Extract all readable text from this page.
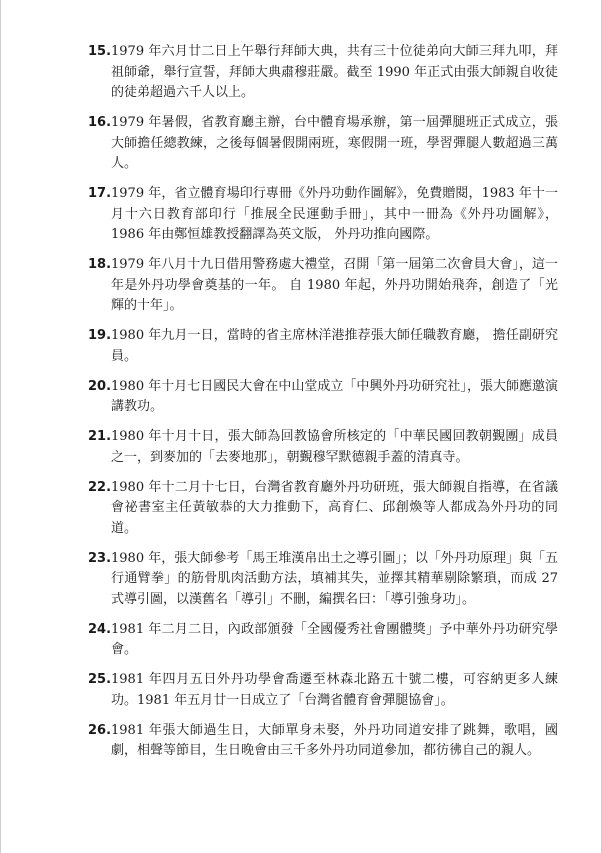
15. 1979 年六月廿二日上午舉行拜師大典，共有三十位徒弟向大師三拜九叩，拜祖師爺，舉行宣誓，拜師大典肅穆莊嚴。截至 1990 年正式由張大師親自收徒的徒弟超過六千人以上。
16. 1979 年暑假，省教育廳主辦，台中體育場承辦，第一屆彈腿班正式成立，張大師擔任總教練，之後每個暑假開兩班，寒假開一班，學習彈腿人數超過三萬人。
17. 1979 年，省立體育場印行專冊《外丹功動作圖解》，免費贈閱，1983 年十一月十六日教育部印行「推展全民運動手冊」，其中一冊為《外丹功圖解》， 1986 年由鄭恒雄教授翻譯為英文版， 外丹功推向國際。
18. 1979 年八月十九日借用警務處大禮堂，召開「第一屆第二次會員大會」，這一年是外丹功學會奠基的一年。 自 1980 年起，外丹功開始飛奔，創造了「光輝的十年」。
19. 1980 年九月一日，當時的省主席林洋港推荐張大師任職教育廳， 擔任副研究員。
20. 1980 年十月七日國民大會在中山堂成立「中興外丹功研究社」，張大師應邀演講教功。
21. 1980 年十月十日，張大師為回教協會所核定的「中華民國回教朝覲團」成員之一，到麥加的「去麥地那」，朝覲穆罕默德親手蓋的清真寺。
22. 1980 年十二月十七日，台灣省教育廳外丹功研班，張大師親自指導，在省議會祕書室主任黃敏恭的大力推動下，高育仁、邱創煥等人都成為外丹功的同道。
23. 1980 年，張大師參考「馬王堆漢帛出土之導引圖」；以「外丹功原理」與「五行通臂拳」的筋骨肌肉活動方法，填補其失，並擇其精華剔除繁瑣，而成 27 式導引圖，以漢舊名「導引」不刪，編撰名曰：「導引強身功」。
24. 1981 年二月二日，內政部頒發「全國優秀社會團體獎」予中華外丹功研究學會。
25. 1981 年四月五日外丹功學會喬遷至林森北路五十號二樓，可容納更多人練功。1981 年五月廿一日成立了「台灣省體育會彈腿協會」。
26. 1981 年張大師過生日，大師單身未娶，外丹功同道安排了跳舞，歌唱，國劇，相聲等節目，生日晚會由三千多外丹功同道參加，都彷彿自己的親人。
